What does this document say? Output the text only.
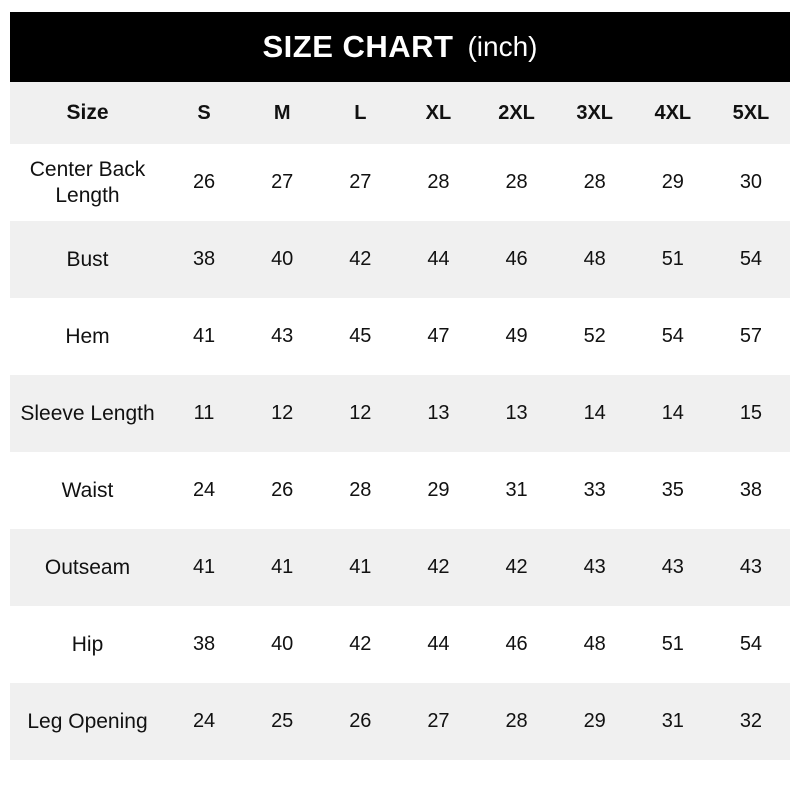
SIZE CHART (inch)
Size	S	M	L	XL	2XL	3XL	4XL	5XL
Center Back Length	26	27	27	28	28	28	29	30
Bust	38	40	42	44	46	48	51	54
Hem	41	43	45	47	49	52	54	57
Sleeve Length	11	12	12	13	13	14	14	15
Waist	24	26	28	29	31	33	35	38
Outseam	41	41	41	42	42	43	43	43
Hip	38	40	42	44	46	48	51	54
Leg Opening	24	25	26	27	28	29	31	32
